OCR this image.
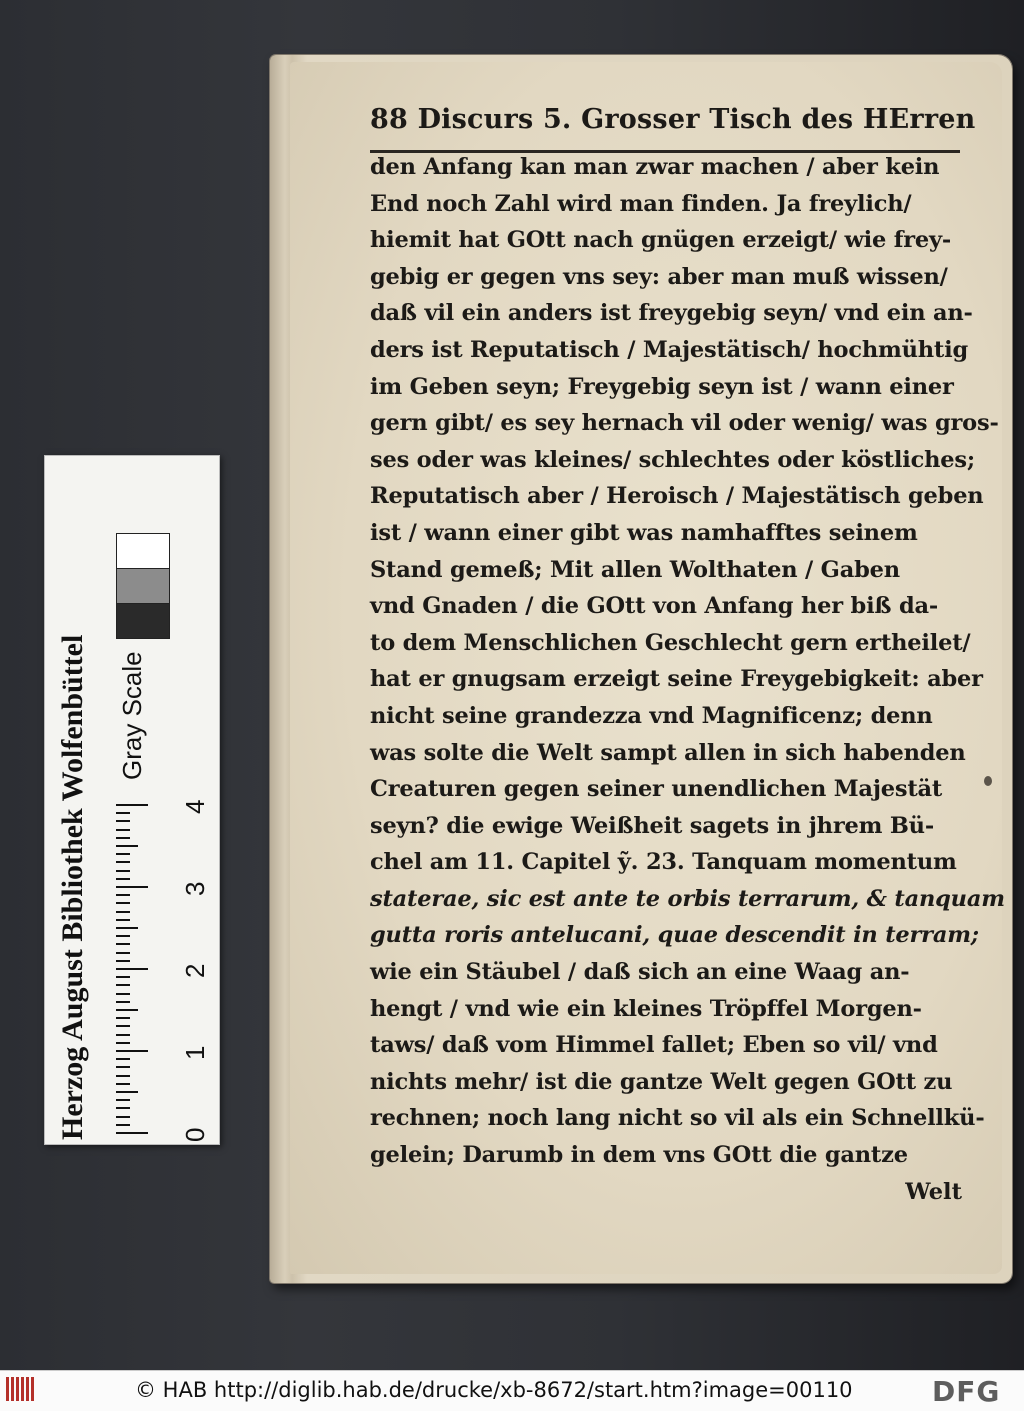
88 Discurs 5. Grosser Tisch des HErren
den Anfang kan man zwar machen / aber kein
End noch Zahl wird man finden. Ja freylich/
hiemit hat GOtt nach gnügen erzeigt/ wie frey-
gebig er gegen vns sey: aber man muß wissen/
daß vil ein anders ist freygebig seyn/ vnd ein an-
ders ist Reputatisch / Majestätisch/ hochmühtig
im Geben seyn; Freygebig seyn ist / wann einer
gern gibt/ es sey hernach vil oder wenig/ was gros-
ses oder was kleines/ schlechtes oder köstliches;
Reputatisch aber / Heroisch / Majestätisch geben
ist / wann einer gibt was namhafftes seinem
Stand gemeß; Mit allen Wolthaten / Gaben
vnd Gnaden / die GOtt von Anfang her biß da-
to dem Menschlichen Geschlecht gern ertheilet/
hat er gnugsam erzeigt seine Freygebigkeit: aber
nicht seine grandezza vnd Magnificenz; denn
was solte die Welt sampt allen in sich habenden
Creaturen gegen seiner unendlichen Majestät
seyn? die ewige Weißheit sagets in jhrem Bü-
chel am 11. Capitel ỹ. 23. Tanquam momentum
staterae, sic est ante te orbis terrarum, & tanquam
gutta roris antelucani, quae descendit in terram;
wie ein Stäubel / daß sich an eine Waag an-
hengt / vnd wie ein kleines Tröpffel Morgen-
taws/ daß vom Himmel fallet; Eben so vil/ vnd
nichts mehr/ ist die gantze Welt gegen GOtt zu
rechnen; noch lang nicht so vil als ein Schnellkü-
gelein; Darumb in dem vns GOtt die gantze
Welt
Herzog August Bibliothek Wolfenbüttel Gray Scale
0
1
2
3
4
© HAB http://diglib.hab.de/drucke/xb-8672/start.htm?image=00110	DFG
